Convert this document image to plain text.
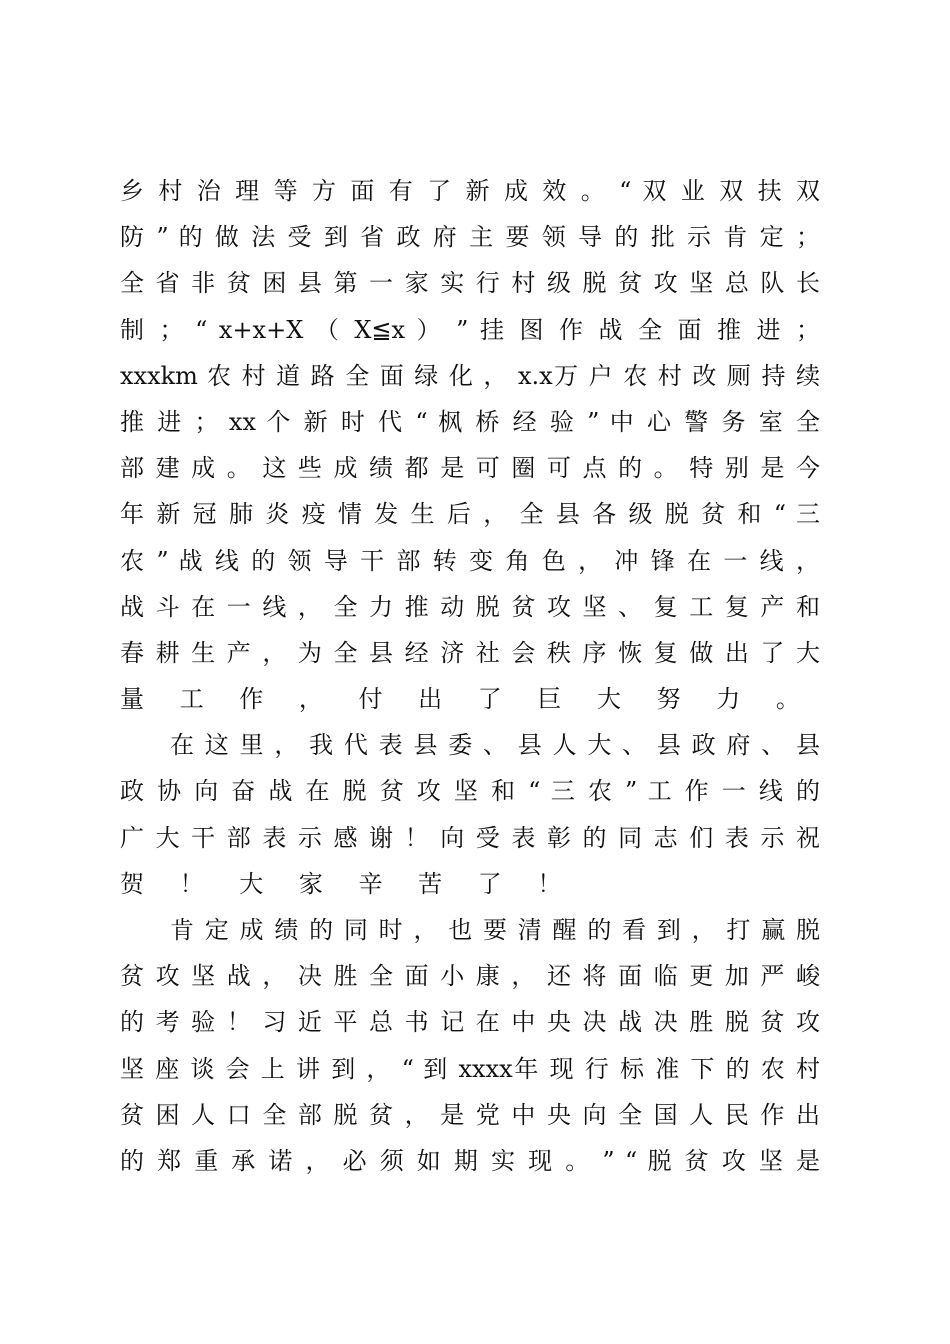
乡 村 治 理 等 方 面 有 了 新 成 效 。 “ 双 业 双 扶 双
防 ” 的 做 法 受 到 省 政 府 主 要 领 导 的 批 示 肯 定 ；
全 省 非 贫 困 县 第 一 家 实 行 村 级 脱 贫 攻 坚 总 队 长
制 ； “ x+x+X （ X≦x ） ” 挂 图 作 战 全 面 推 进 ；
xxxkm 农 村 道 路 全 面 绿 化 ， x.x万 户 农 村 改 厕 持 续
推 进 ； xx 个 新 时 代 “ 枫 桥 经 验 ” 中 心 警 务 室 全
部 建 成 。 这 些 成 绩 都 是 可 圈 可 点 的 。 特 别 是 今
年 新 冠 肺 炎 疫 情 发 生 后 ， 全 县 各 级 脱 贫 和 “ 三
农 ” 战 线 的 领 导 干 部 转 变 角 色 ， 冲 锋 在 一 线 ，
战 斗 在 一 线 ， 全 力 推 动 脱 贫 攻 坚 、 复 工 复 产 和
春 耕 生 产 ， 为 全 县 经 济 社 会 秩 序 恢 复 做 出 了 大
量 工 作 ， 付 出 了 巨 大 努 力 。
在 这 里 ， 我 代 表 县 委 、 县 人 大 、 县 政 府 、 县
政 协 向 奋 战 在 脱 贫 攻 坚 和 “ 三 农 ” 工 作 一 线 的
广 大 干 部 表 示 感 谢 ！ 向 受 表 彰 的 同 志 们 表 示 祝
贺 ！ 大 家 辛 苦 了 ！
肯 定 成 绩 的 同 时 ， 也 要 清 醒 的 看 到 ， 打 赢 脱
贫 攻 坚 战 ， 决 胜 全 面 小 康 ， 还 将 面 临 更 加 严 峻
的 考 验 ！ 习 近 平 总 书 记 在 中 央 决 战 决 胜 脱 贫 攻
坚 座 谈 会 上 讲 到 ， “ 到 xxxx年 现 行 标 准 下 的 农 村
贫 困 人 口 全 部 脱 贫 ， 是 党 中 央 向 全 国 人 民 作 出
的 郑 重 承 诺 ， 必 须 如 期 实 现 。 ” “ 脱 贫 攻 坚 是
